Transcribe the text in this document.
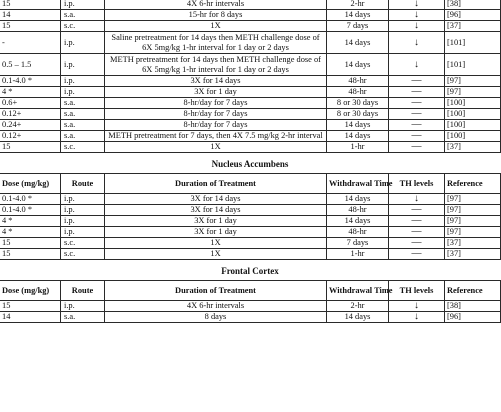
15	i.p.	4X 6-hr intervals	2-hr	↓	[38]
14	s.a.	15-hr for 8 days	14 days	↓	[96]
15	s.c.	1X	7 days	↓	[37]
-	i.p.	Saline pretreatment for 14 days then METH challenge dose of 6X 5mg/kg 1-hr interval for 1 day or 2 days	14 days	↓	[101]
0.5 – 1.5	i.p.	METH pretreatment for 14 days then METH challenge dose of 6X 5mg/kg 1-hr interval for 1 day or 2 days	14 days	↓	[101]
0.1-4.0 *	i.p.	3X for 14 days	48-hr	—	[97]
4 *	i.p.	3X for 1 day	48-hr	—	[97]
0.6+	s.a.	8-hr/day for 7 days	8 or 30 days	—	[100]
0.12+	s.a.	8-hr/day for 7 days	8 or 30 days	—	[100]
0.24+	s.a.	8-hr/day for 7 days	14 days	—	[100]
0.12+	s.a.	METH pretreatment for 7 days, then 4X 7.5 mg/kg 2-hr interval	14 days	—	[100]
15	s.c.	1X	1-hr	—	[37]
Nucleus Accumbens
Dose (mg/kg)	Route	Duration of Treatment	Withdrawal Time	TH levels	Reference
0.1-4.0 *	i.p.	3X for 14 days	14 days	↓	[97]
0.1-4.0 *	i.p.	3X for 14 days	48-hr	—	[97]
4 *	i.p.	3X for 1 day	14 days	—	[97]
4 *	i.p.	3X for 1 day	48-hr	—	[97]
15	s.c.	1X	7 days	—	[37]
15	s.c.	1X	1-hr	—	[37]
Frontal Cortex
Dose (mg/kg)	Route	Duration of Treatment	Withdrawal Time	TH levels	Reference
15	i.p.	4X 6-hr intervals	2-hr	↓	[38]
14	s.a.	8 days	14 days	↓	[96]
